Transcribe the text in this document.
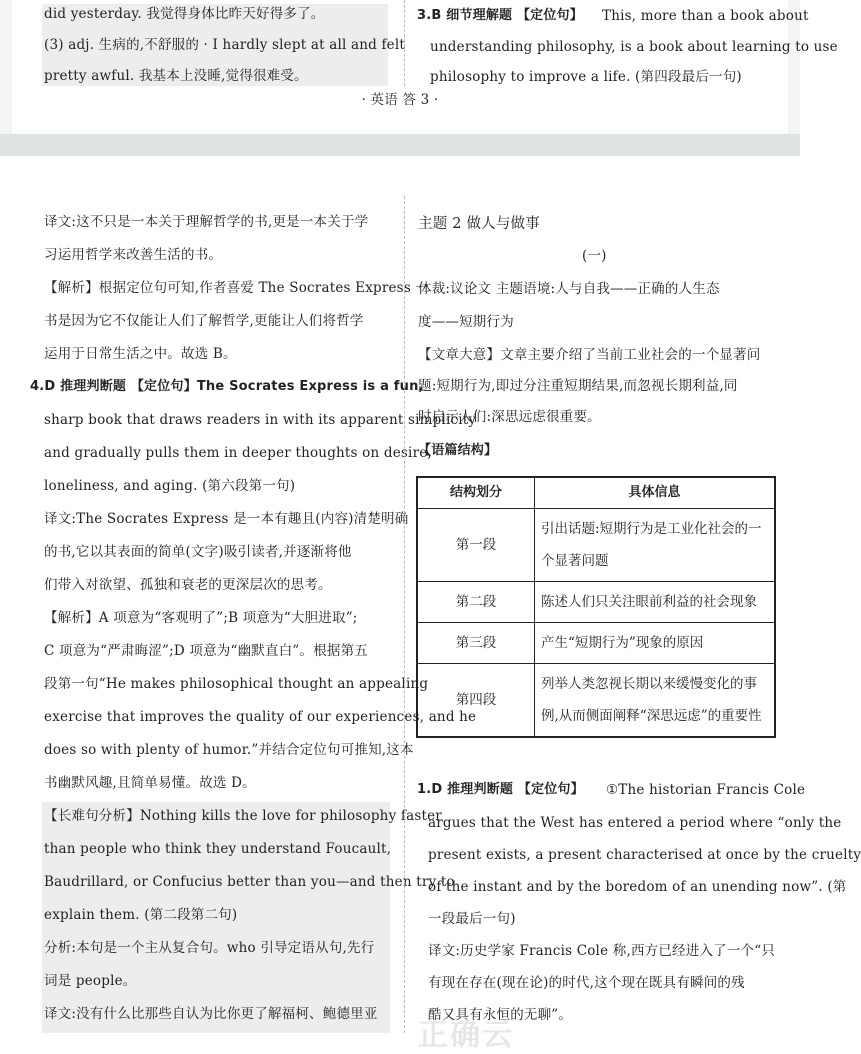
did yesterday. 我觉得身体比昨天好得多了。
(3) adj. 生病的,不舒服的 · I hardly slept at all and felt
pretty awful. 我基本上没睡,觉得很难受。
3.B 细节理解题 【定位句】 This, more than a book about
understanding philosophy, is a book about learning to use
philosophy to improve a life. (第四段最后一句)
· 英语 答 3 ·
译文:这不只是一本关于理解哲学的书,更是一本关于学
习运用哲学来改善生活的书。
【解析】根据定位句可知,作者喜爱 The Socrates Express 一
书是因为它不仅能让人们了解哲学,更能让人们将哲学
运用于日常生活之中。故选 B。
4.D 推理判断题 【定位句】The Socrates Express is a fun,
sharp book that draws readers in with its apparent simplicity
and gradually pulls them in deeper thoughts on desire,
loneliness, and aging. (第六段第一句)
译文:The Socrates Express 是一本有趣且(内容)清楚明确
的书,它以其表面的简单(文字)吸引读者,并逐渐将他
们带入对欲望、孤独和衰老的更深层次的思考。
【解析】A 项意为“客观明了”;B 项意为“大胆进取”;
C 项意为“严肃晦涩”;D 项意为“幽默直白”。根据第五
段第一句“He makes philosophical thought an appealing
exercise that improves the quality of our experiences, and he
does so with plenty of humor.”并结合定位句可推知,这本
书幽默风趣,且简单易懂。故选 D。
【长难句分析】Nothing kills the love for philosophy faster
than people who think they understand Foucault,
Baudrillard, or Confucius better than you—and then try to
explain them. (第二段第二句)
分析:本句是一个主从复合句。who 引导定语从句,先行
词是 people。
译文:没有什么比那些自认为比你更了解福柯、鲍德里亚
主题 2 做人与做事
(一)
体裁:议论文 主题语境:人与自我——正确的人生态
度——短期行为
【文章大意】文章主要介绍了当前工业社会的一个显著问
题:短期行为,即过分注重短期结果,而忽视长期利益,同
时启示人们:深思远虑很重要。
【语篇结构】
结构划分	具体信息
第一段	引出话题:短期行为是工业化社会的一个显著问题
第二段	陈述人们只关注眼前利益的社会现象
第三段	产生“短期行为”现象的原因
第四段	列举人类忽视长期以来缓慢变化的事例,从而侧面阐释“深思远虑”的重要性
1.D 推理判断题 【定位句】 ①The historian Francis Cole
argues that the West has entered a period where “only the
present exists, a present characterised at once by the cruelty
of the instant and by the boredom of an unending now”. (第
一段最后一句)
译文:历史学家 Francis Cole 称,西方已经进入了一个“只
有现在存在(现在论)的时代,这个现在既具有瞬间的残
酷又具有永恒的无聊”。
正确云
